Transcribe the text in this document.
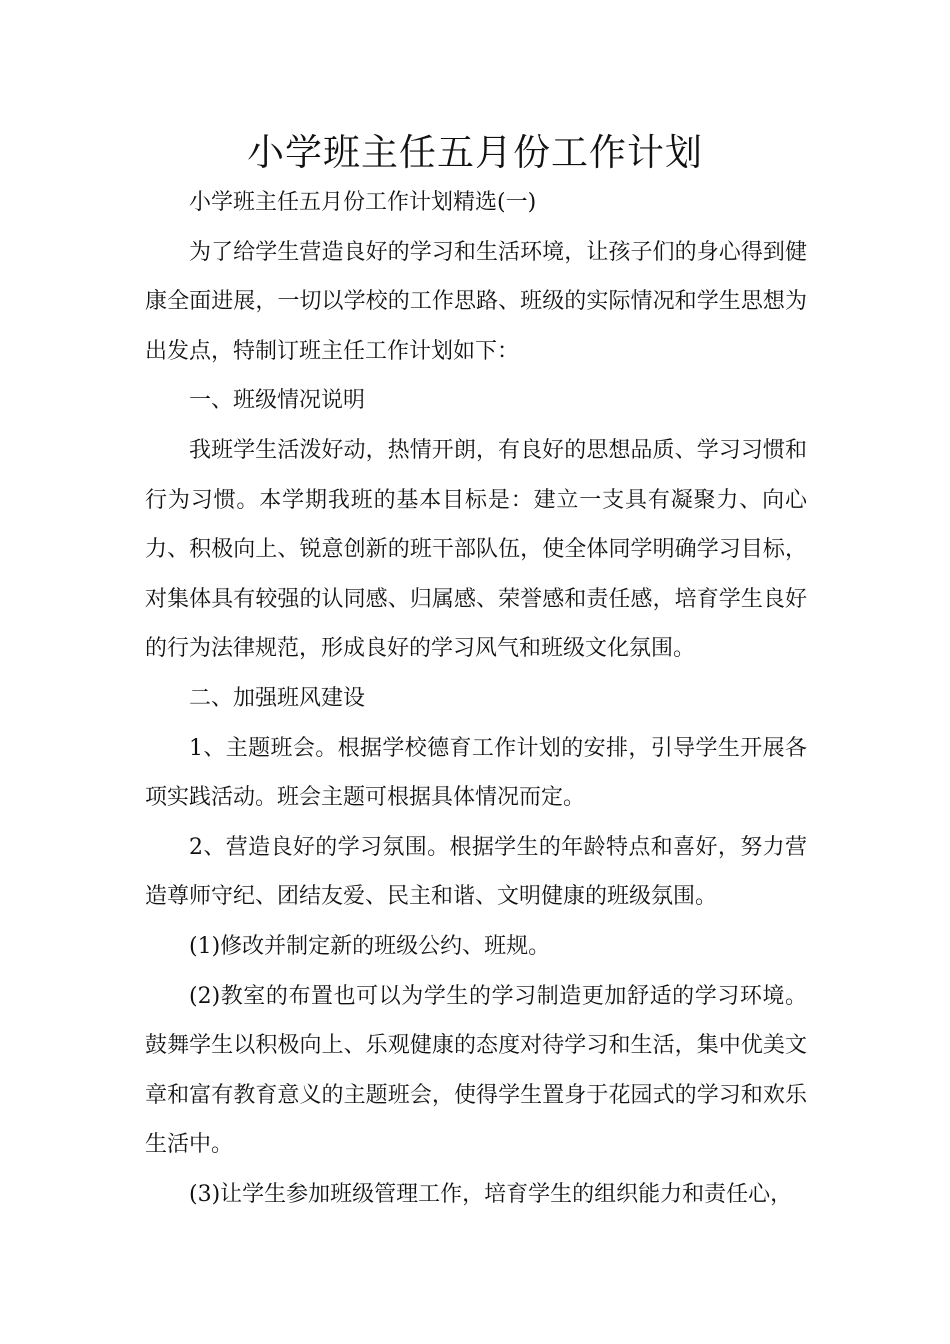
小学班主任五月份工作计划

小学班主任五月份工作计划精选(一)

为了给学生营造良好的学习和生活环境，让孩子们的身心得到健康全面进展，一切以学校的工作思路、班级的实际情况和学生思想为出发点，特制订班主任工作计划如下：

一、班级情况说明

我班学生活泼好动，热情开朗，有良好的思想品质、学习习惯和行为习惯。本学期我班的基本目标是：建立一支具有凝聚力、向心力、积极向上、锐意创新的班干部队伍，使全体同学明确学习目标，对集体具有较强的认同感、归属感、荣誉感和责任感，培育学生良好的行为法律规范，形成良好的学习风气和班级文化氛围。

二、加强班风建设

1、主题班会。根据学校德育工作计划的安排，引导学生开展各项实践活动。班会主题可根据具体情况而定。

2、营造良好的学习氛围。根据学生的年龄特点和喜好，努力营造尊师守纪、团结友爱、民主和谐、文明健康的班级氛围。

(1)修改并制定新的班级公约、班规。

(2)教室的布置也可以为学生的学习制造更加舒适的学习环境。鼓舞学生以积极向上、乐观健康的态度对待学习和生活，集中优美文章和富有教育意义的主题班会，使得学生置身于花园式的学习和欢乐生活中。

(3)让学生参加班级管理工作，培育学生的组织能力和责任心，
